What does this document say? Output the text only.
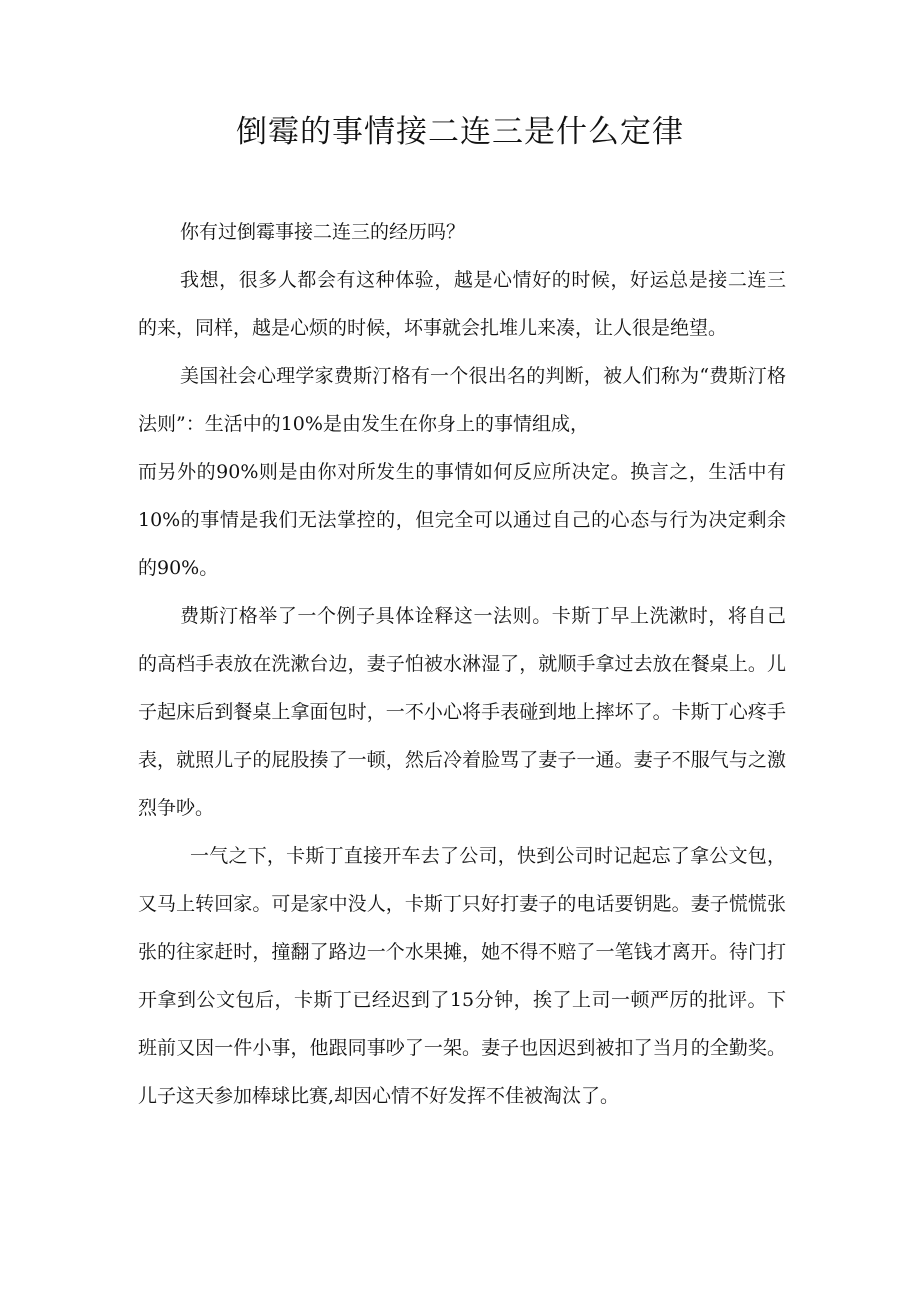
倒霉的事情接二连三是什么定律

你有过倒霉事接二连三的经历吗？

我想，很多人都会有这种体验，越是心情好的时候，好运总是接二连三的来，同样，越是心烦的时候，坏事就会扎堆儿来凑，让人很是绝望。

美国社会心理学家费斯汀格有一个很出名的判断，被人们称为“费斯汀格法则”：生活中的10%是由发生在你身上的事情组成，

而另外的90%则是由你对所发生的事情如何反应所决定。换言之，生活中有10%的事情是我们无法掌控的，但完全可以通过自己的心态与行为决定剩余的90%。

费斯汀格举了一个例子具体诠释这一法则。卡斯丁早上洗漱时，将自己的高档手表放在洗漱台边，妻子怕被水淋湿了，就顺手拿过去放在餐桌上。儿子起床后到餐桌上拿面包时，一不小心将手表碰到地上摔坏了。卡斯丁心疼手表，就照儿子的屁股揍了一顿，然后冷着脸骂了妻子一通。妻子不服气与之激烈争吵。

一气之下，卡斯丁直接开车去了公司，快到公司时记起忘了拿公文包，又马上转回家。可是家中没人，卡斯丁只好打妻子的电话要钥匙。妻子慌慌张张的往家赶时，撞翻了路边一个水果摊，她不得不赔了一笔钱才离开。待门打开拿到公文包后，卡斯丁已经迟到了15分钟，挨了上司一顿严厉的批评。下班前又因一件小事，他跟同事吵了一架。妻子也因迟到被扣了当月的全勤奖。儿子这天参加棒球比赛,却因心情不好发挥不佳被淘汰了。
